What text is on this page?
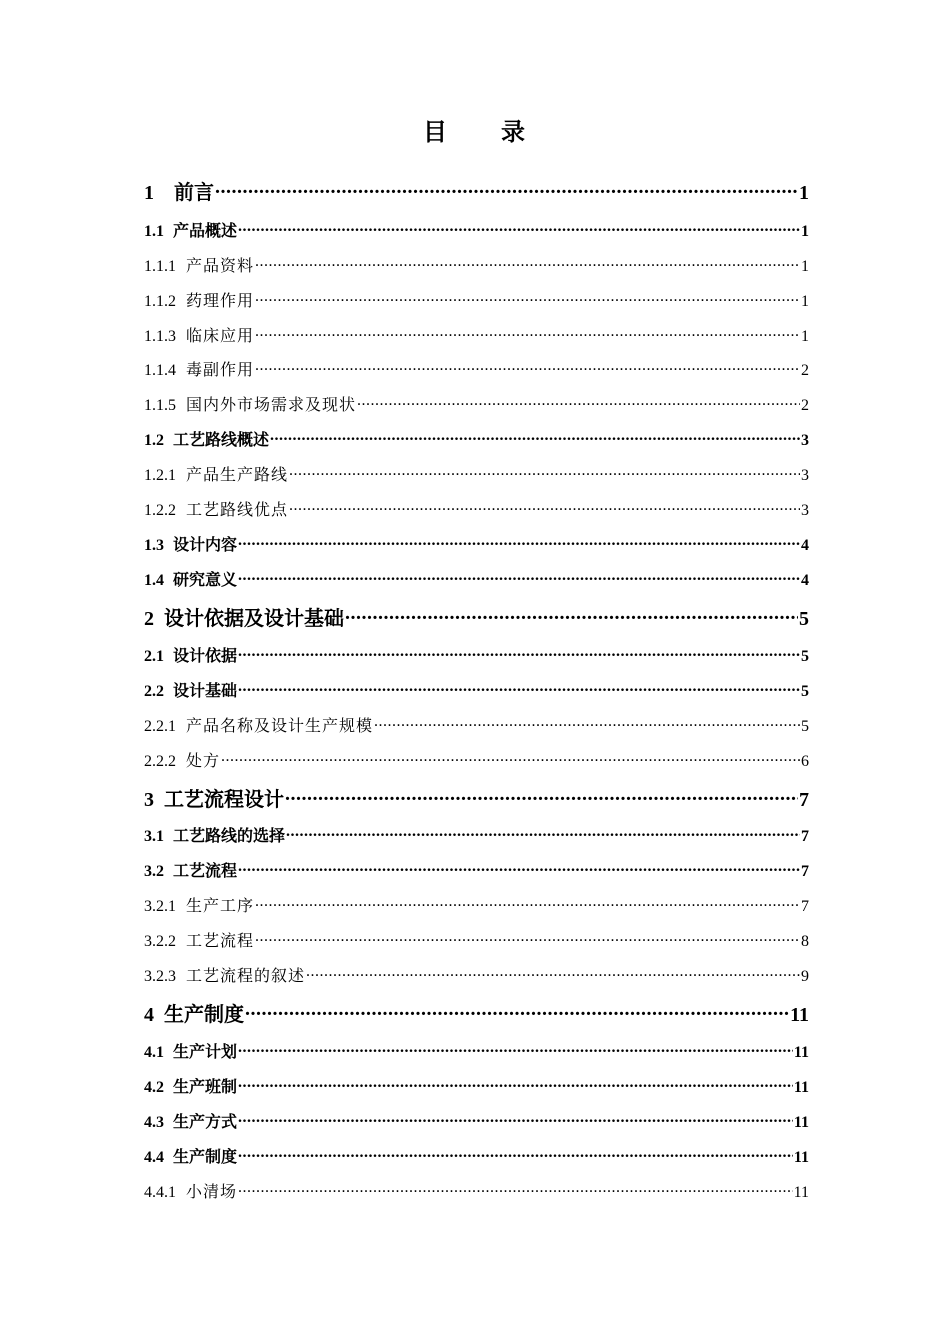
目 录
1 前言 .....	1
1.1 产品概述 .....	1
1.1.1 产品资料 .....	1
1.1.2 药理作用 .....	1
1.1.3 临床应用 .....	1
1.1.4 毒副作用 .....	2
1.1.5 国内外市场需求及现状 .....	2
1.2 工艺路线概述 .....	3
1.2.1 产品生产路线 .....	3
1.2.2 工艺路线优点 .....	3
1.3 设计内容 .....	4
1.4 研究意义 .....	4
2 设计依据及设计基础 .....	5
2.1 设计依据 .....	5
2.2 设计基础 .....	5
2.2.1 产品名称及设计生产规模 .....	5
2.2.2 处方 .....	6
3 工艺流程设计 .....	7
3.1 工艺路线的选择 .....	7
3.2 工艺流程 .....	7
3.2.1 生产工序 .....	7
3.2.2 工艺流程 .....	8
3.2.3 工艺流程的叙述 .....	9
4 生产制度 .....	11
4.1 生产计划 .....	11
4.2 生产班制 .....	11
4.3 生产方式 .....	11
4.4 生产制度 .....	11
4.4.1 小清场 .....	11
